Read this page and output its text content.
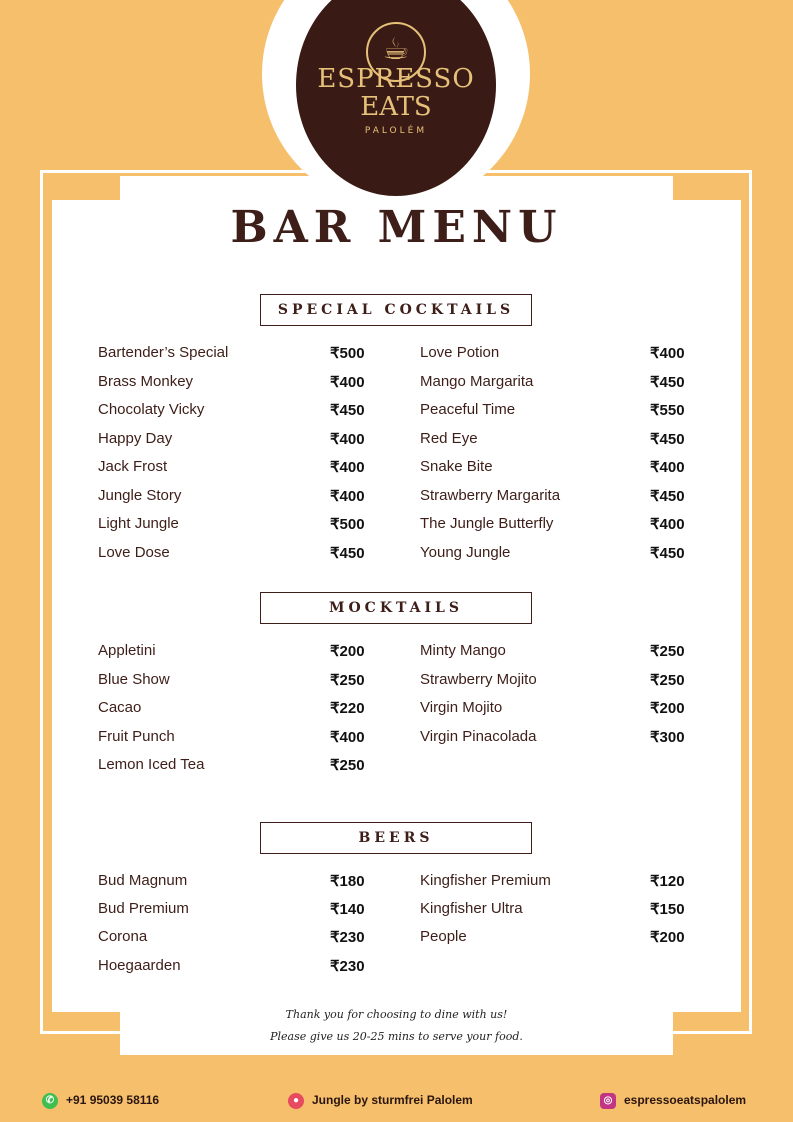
☕
ESPRESSO
EATS
PALOLÉM
BAR MENU
SPECIAL COCKTAILS
MOCKTAILS
BEERS
Bartender’s Special	₹500
Brass Monkey	₹400
Chocolaty Vicky	₹450
Happy Day	₹400
Jack Frost	₹400
Jungle Story	₹400
Light Jungle	₹500
Love Dose	₹450
Love Potion	₹400
Mango Margarita	₹450
Peaceful Time	₹550
Red Eye	₹450
Snake Bite	₹400
Strawberry Margarita	₹450
The Jungle Butterfly	₹400
Young Jungle	₹450
Appletini	₹200
Blue Show	₹250
Cacao	₹220
Fruit Punch	₹400
Lemon Iced Tea	₹250
Minty Mango	₹250
Strawberry Mojito	₹250
Virgin Mojito	₹200
Virgin Pinacolada	₹300
Bud Magnum	₹180
Bud Premium	₹140
Corona	₹230
Hoegaarden	₹230
Kingfisher Premium	₹120
Kingfisher Ultra	₹150
People	₹200
Thank you for choosing to dine with us!
Please give us 20-25 mins to serve your food.
✆ +91 95039 58116	● Jungle by sturmfrei Palolem	◎ espressoeatspalolem
